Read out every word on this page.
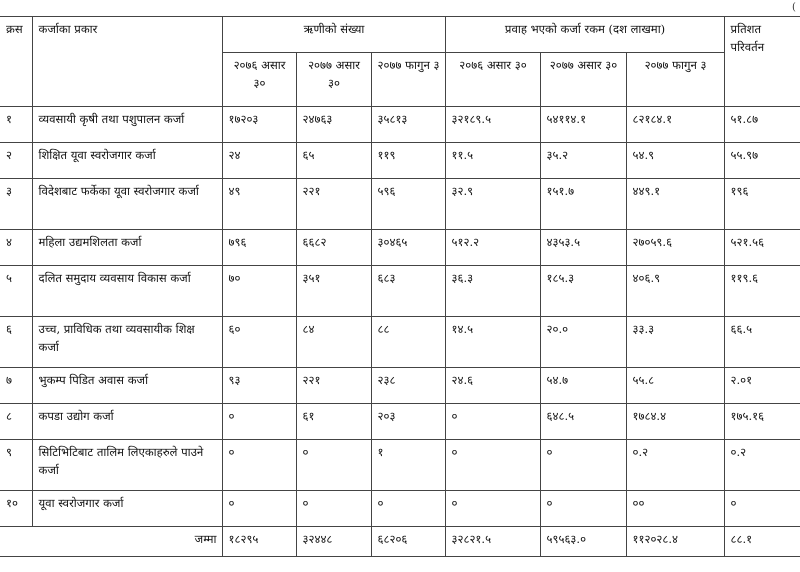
(
क्रस	कर्जाका प्रकार	ऋणीको संख्या			प्रवाह भएको कर्जा रकम (दश लाखमा)			प्रतिशत परिवर्तन
		२०७६ असार ३०	२०७७ असार ३०	२०७७ फागुन ३	२०७६ असार ३०	२०७७ असार ३०	२०७७ फागुन ३	
१	व्यवसायी कृषी तथा पशुपालन कर्जा	१७२०३	२४७६३	३५८१३	३२१८९.५	५४११४.१	८२१८४.१	५१.८७
२	शिक्षित यूवा स्वरोजगार कर्जा	२४	६५	११९	११.५	३५.२	५४.९	५५.९७
३	विदेशबाट फर्केका यूवा स्वरोजगार कर्जा	४९	२२१	५९६	३२.९	१५१.७	४४९.१	१९६
४	महिला उद्यमशिलता कर्जा	७९६	६६८२	३०४६५	५१२.२	४३५३.५	२७०५९.६	५२१.५६
५	दलित समुदाय व्यवसाय विकास कर्जा	७०	३५१	६८३	३६.३	१८५.३	४०६.९	११९.६
६	उच्च, प्राविधिक तथा व्यवसायीक शिक्ष कर्जा	६०	८४	८८	१४.५	२०.०	३३.३	६६.५
७	भुकम्प पिडित अवास कर्जा	९३	२२१	२३८	२४.६	५४.७	५५.८	२.०१
८	कपडा उद्योग कर्जा	०	६१	२०३	०	६४८.५	१७८४.४	१७५.१६
९	सिटिभिटिबाट तालिम लिएकाहरुले पाउने कर्जा	०	०	१	०	०	०.२	०.२
१०	यूवा स्वरोजगार कर्जा	०	०	०	०	०	००	०
जम्मा		१८२९५	३२४४८	६८२०६	३२८२१.५	५९५६३.०	११२०२८.४	८८.१
